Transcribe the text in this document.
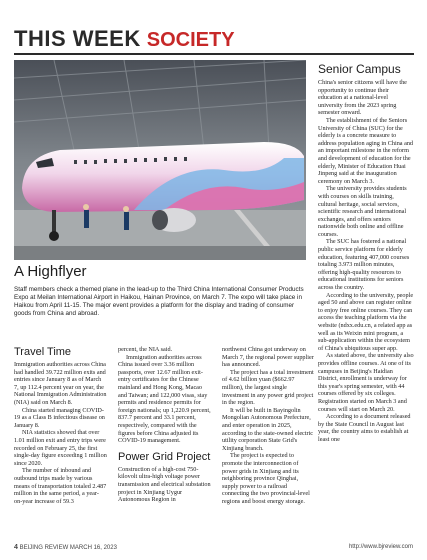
THIS WEEK SOCIETY
Senior Campus

China's senior citizens will have the opportunity to continue their education at a national-level university from the 2023 spring semester onward.

The establishment of the Seniors University of China (SUC) for the elderly is a concrete measure to address population aging in China and an important milestone in the reform and development of education for the elderly, Minister of Education Huai Jinpeng said at the inauguration ceremony on March 3.

The university provides students with courses on skills training, cultural heritage, social services, scientific research and international exchanges, and offers seniors nationwide both online and offline courses.

The SUC has fostered a national public service platform for elderly education, featuring 407,000 courses totaling 3.973 million minutes, offering high-quality resources to educational institutions for seniors across the country.

According to the university, people aged 50 and above can register online to enjoy free online courses. They can access the teaching platform via the website (ndxx.edu.cn, a related app as well as its Weixin mini program, a sub-application within the ecosystem of China's ubiquitous super app.

As stated above, the university also provides offline courses. At one of its campuses in Beijing's Haidian District, enrollment is underway for this year's spring semester, with 44 courses offered by six colleges. Registration started on March 3 and courses will start on March 20.

According to a document released by the State Council in August last year, the country aims to establish at least one

A Highflyer
Staff members check a themed plane in the lead-up to the Third China International Consumer Products Expo at Meilan International Airport in Haikou, Hainan Province, on March 7. The expo will take place in Haikou from April 11-15. The major event provides a platform for the display and trading of consumer goods from China and abroad.
Travel Time

Immigration authorities across China had handled 39.722 million exits and entries since January 8 as of March 7, up 112.4 percent year on year, the National Immigration Administration (NIA) said on March 8.

China started managing COVID-19 as a Class B infectious disease on January 8.

NIA statistics showed that over 1.01 million exit and entry trips were recorded on February 25, the first single-day figure exceeding 1 million since 2020.

The number of inbound and outbound trips made by various means of transportation totaled 2.487 million in the same period, a year-on-year increase of 59.3

percent, the NIA said.

Immigration authorities across China issued over 3.36 million passports, over 12.67 million exit-entry certificates for the Chinese mainland and Hong Kong, Macao and Taiwan; and 122,000 visas, stay permits and residence permits for foreign nationals; up 1,220.9 percent, 837.7 percent and 33.1 percent, respectively, compared with the figures before China adjusted its COVID-19 management.

Power Grid Project

Construction of a high-cost 750-kilovolt ultra-high voltage power transmission and electrical substation project in Xinjiang Uygur Autonomous Region in

northwest China got underway on March 7, the regional power supplier has announced.

The project has a total investment of 4.62 billion yuan ($662.97 million), the largest single investment in any power grid project in the region.

It will be built in Bayingolin Mongolian Autonomous Prefecture, and enter operation in 2025, according to the state-owned electric utility corporation State Grid's Xinjiang branch.

The project is expected to promote the interconnection of power grids in Xinjiang and its neighboring province Qinghai, supply power to a railroad connecting the two provincial-level regions and boost energy storage.

4 BEIJING REVIEW MARCH 16, 2023	http://www.bjreview.com
